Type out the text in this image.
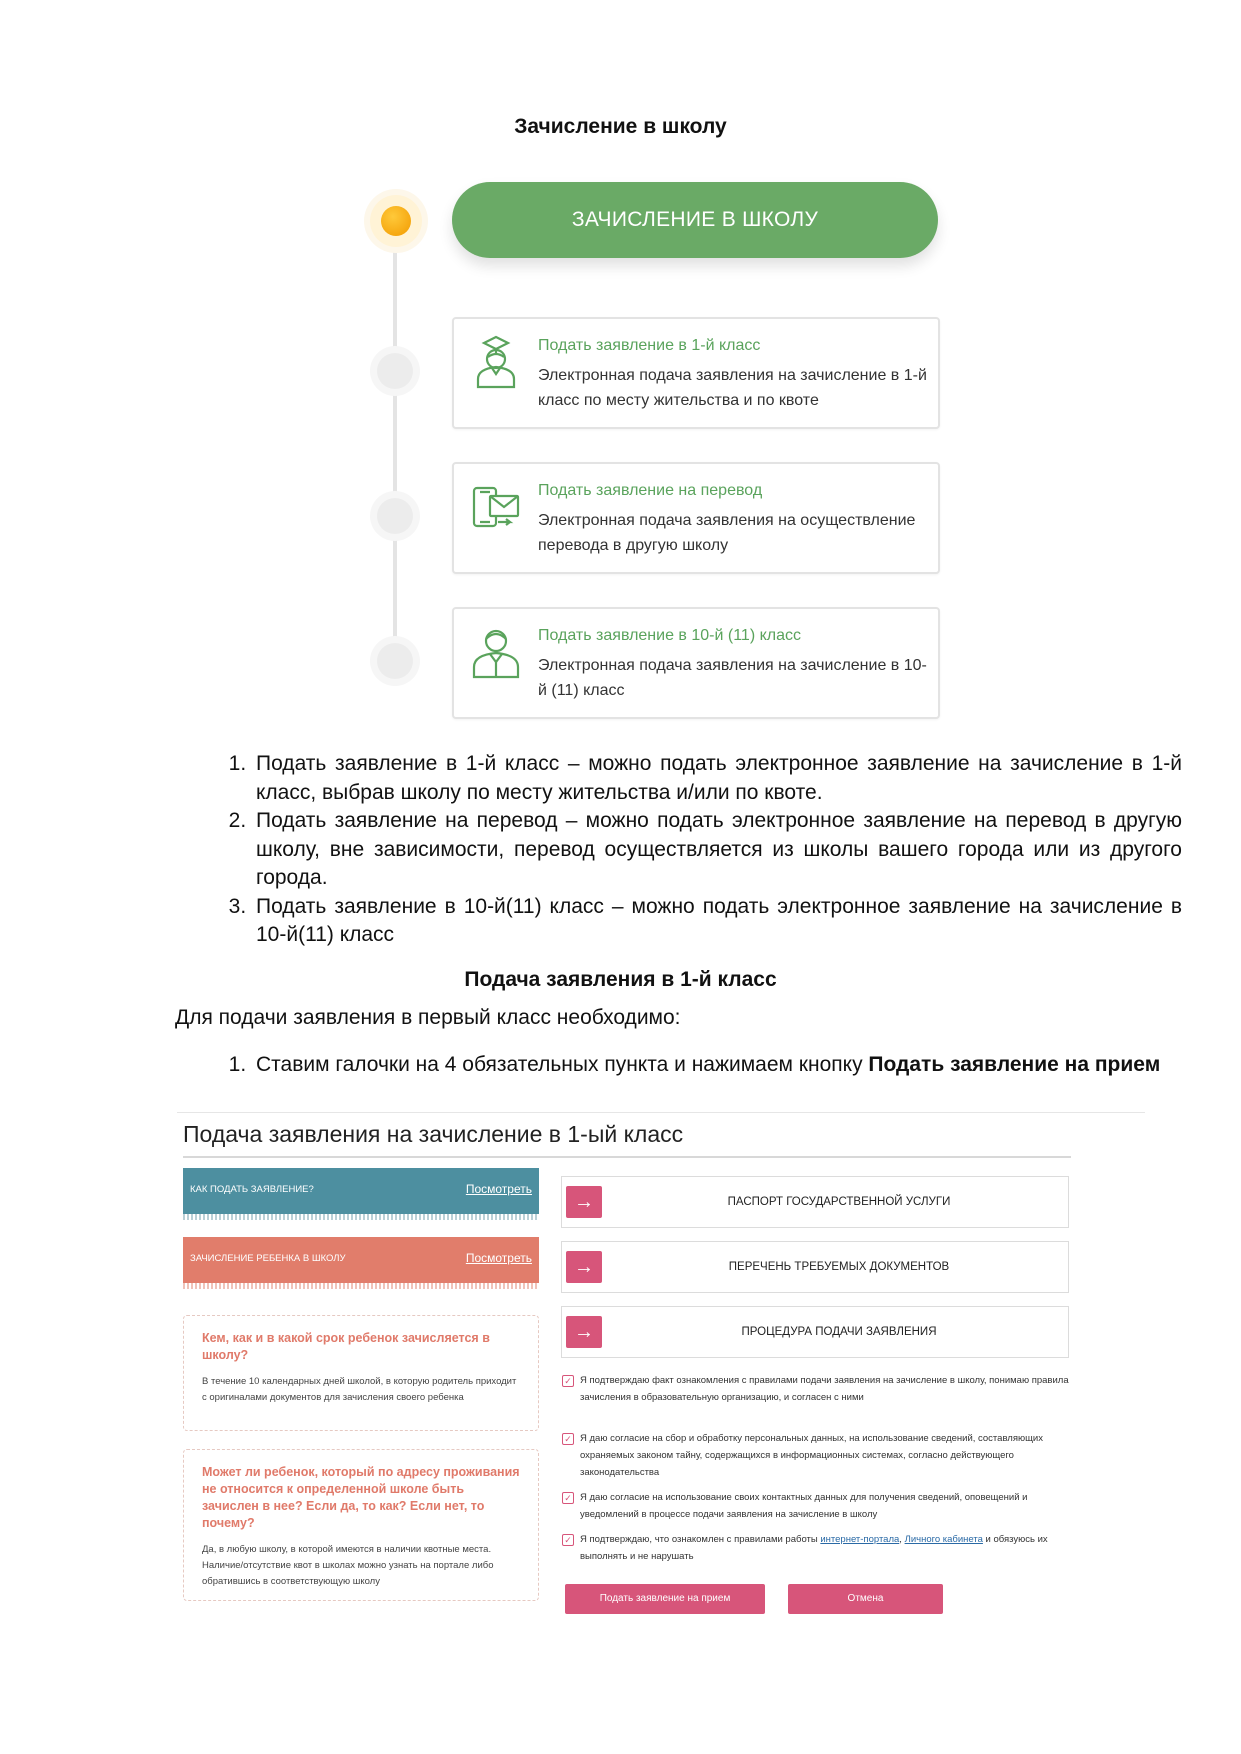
Зачисление в школу
ЗАЧИСЛЕНИЕ В ШКОЛУ
Подать заявление в 1-й класс
Электронная подача заявления на зачисление в 1-й класс по месту жительства и по квоте
Подать заявление на перевод
Электронная подача заявления на осуществление перевода в другую школу
Подать заявление в 10-й (11) класс
Электронная подача заявления на зачисление в 10-й (11) класс
1. Подать заявление в 1-й класс – можно подать электронное заявление на зачисление в 1-й класс, выбрав школу по месту жительства и/или по квоте.
2. Подать заявление на перевод – можно подать электронное заявление на перевод в другую школу, вне зависимости, перевод осуществляется из школы вашего города или из другого города.
3. Подать заявление в 10-й(11) класс – можно подать электронное заявление на зачисление в 10-й(11) класс
Подача заявления в 1-й класс
Для подачи заявления в первый класс необходимо:
1. Ставим галочки на 4 обязательных пункта и нажимаем кнопку Подать заявление на прием
Подача заявления на зачисление в 1-ый класс
КАК ПОДАТЬ ЗАЯВЛЕНИЕ?	Посмотреть
ЗАЧИСЛЕНИЕ РЕБЕНКА В ШКОЛУ	Посмотреть
Кем, как и в какой срок ребенок зачисляется в школу?
В течение 10 календарных дней школой, в которую родитель приходит с оригиналами документов для зачисления своего ребенка
Может ли ребенок, который по адресу проживания не относится к определенной школе быть зачислен в нее? Если да, то как? Если нет, то почему?
Да, в любую школу, в которой имеются в наличии квотные места. Наличие/отсутствие квот в школах можно узнать на портале либо обратившись в соответствующую школу
→	ПАСПОРТ ГОСУДАРСТВЕННОЙ УСЛУГИ
→	ПЕРЕЧЕНЬ ТРЕБУЕМЫХ ДОКУМЕНТОВ
→	ПРОЦЕДУРА ПОДАЧИ ЗАЯВЛЕНИЯ
✓ Я подтверждаю факт ознакомления с правилами подачи заявления на зачисление в школу, понимаю правила зачисления в образовательную организацию, и согласен с ними
✓ Я даю согласие на сбор и обработку персональных данных, на использование сведений, составляющих охраняемых законом тайну, содержащихся в информационных системах, согласно действующего законодательства
✓ Я даю согласие на использование своих контактных данных для получения сведений, оповещений и уведомлений в процессе подачи заявления на зачисление в школу
✓ Я подтверждаю, что ознакомлен с правилами работы интернет-портала, Личного кабинета и обязуюсь их выполнять и не нарушать
Подать заявление на прием	Отмена
